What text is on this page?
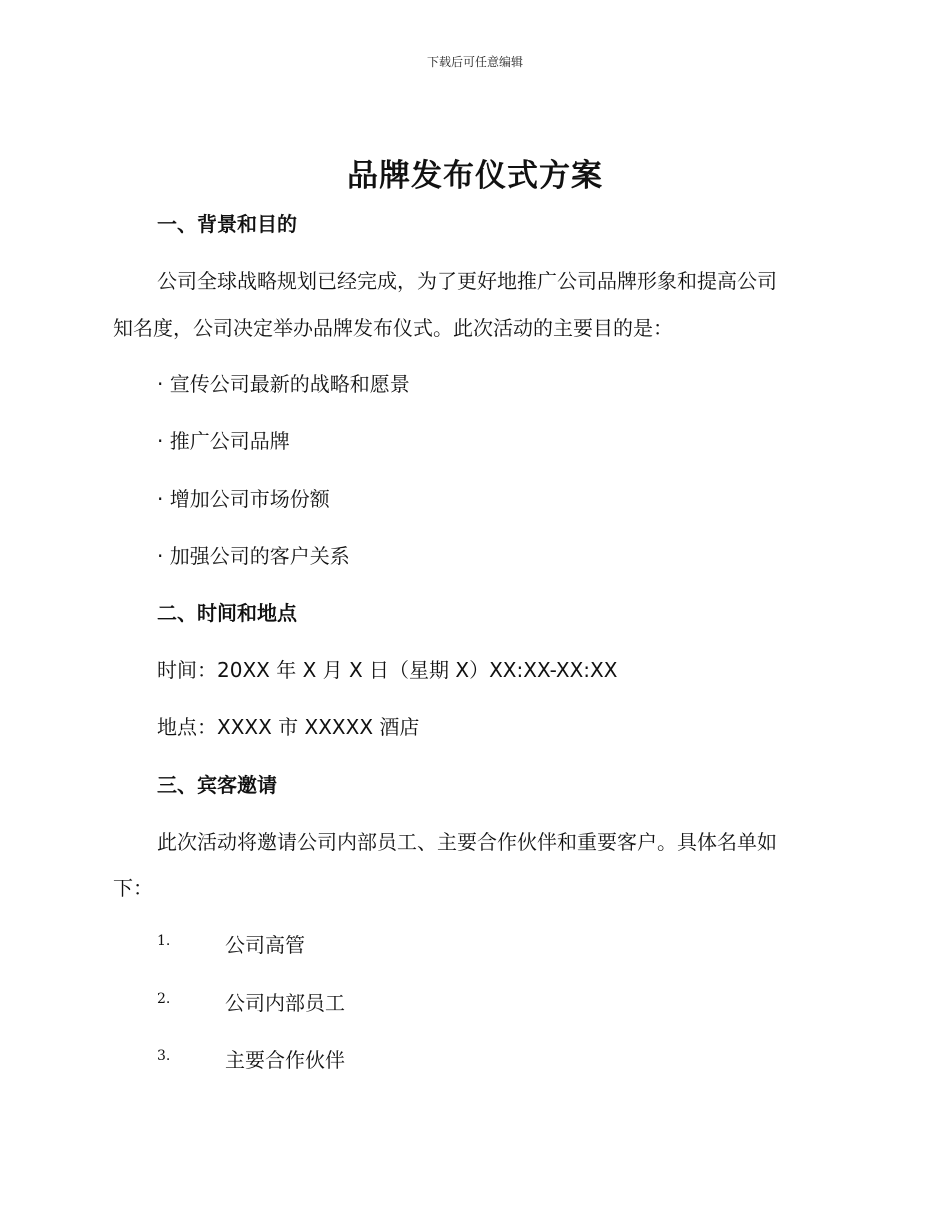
下载后可任意编辑
品牌发布仪式方案
一、背景和目的
公司全球战略规划已经完成，为了更好地推广公司品牌形象和提高公司
知名度，公司决定举办品牌发布仪式。此次活动的主要目的是：
· 宣传公司最新的战略和愿景
· 推广公司品牌
· 增加公司市场份额
· 加强公司的客户关系
二、时间和地点
时间：20XX 年 X 月 X 日（星期 X）XX:XX-XX:XX
地点：XXXX 市 XXXXX 酒店
三、宾客邀请
此次活动将邀请公司内部员工、主要合作伙伴和重要客户。具体名单如
下：
1.	公司高管
2.	公司内部员工
3.	主要合作伙伴
